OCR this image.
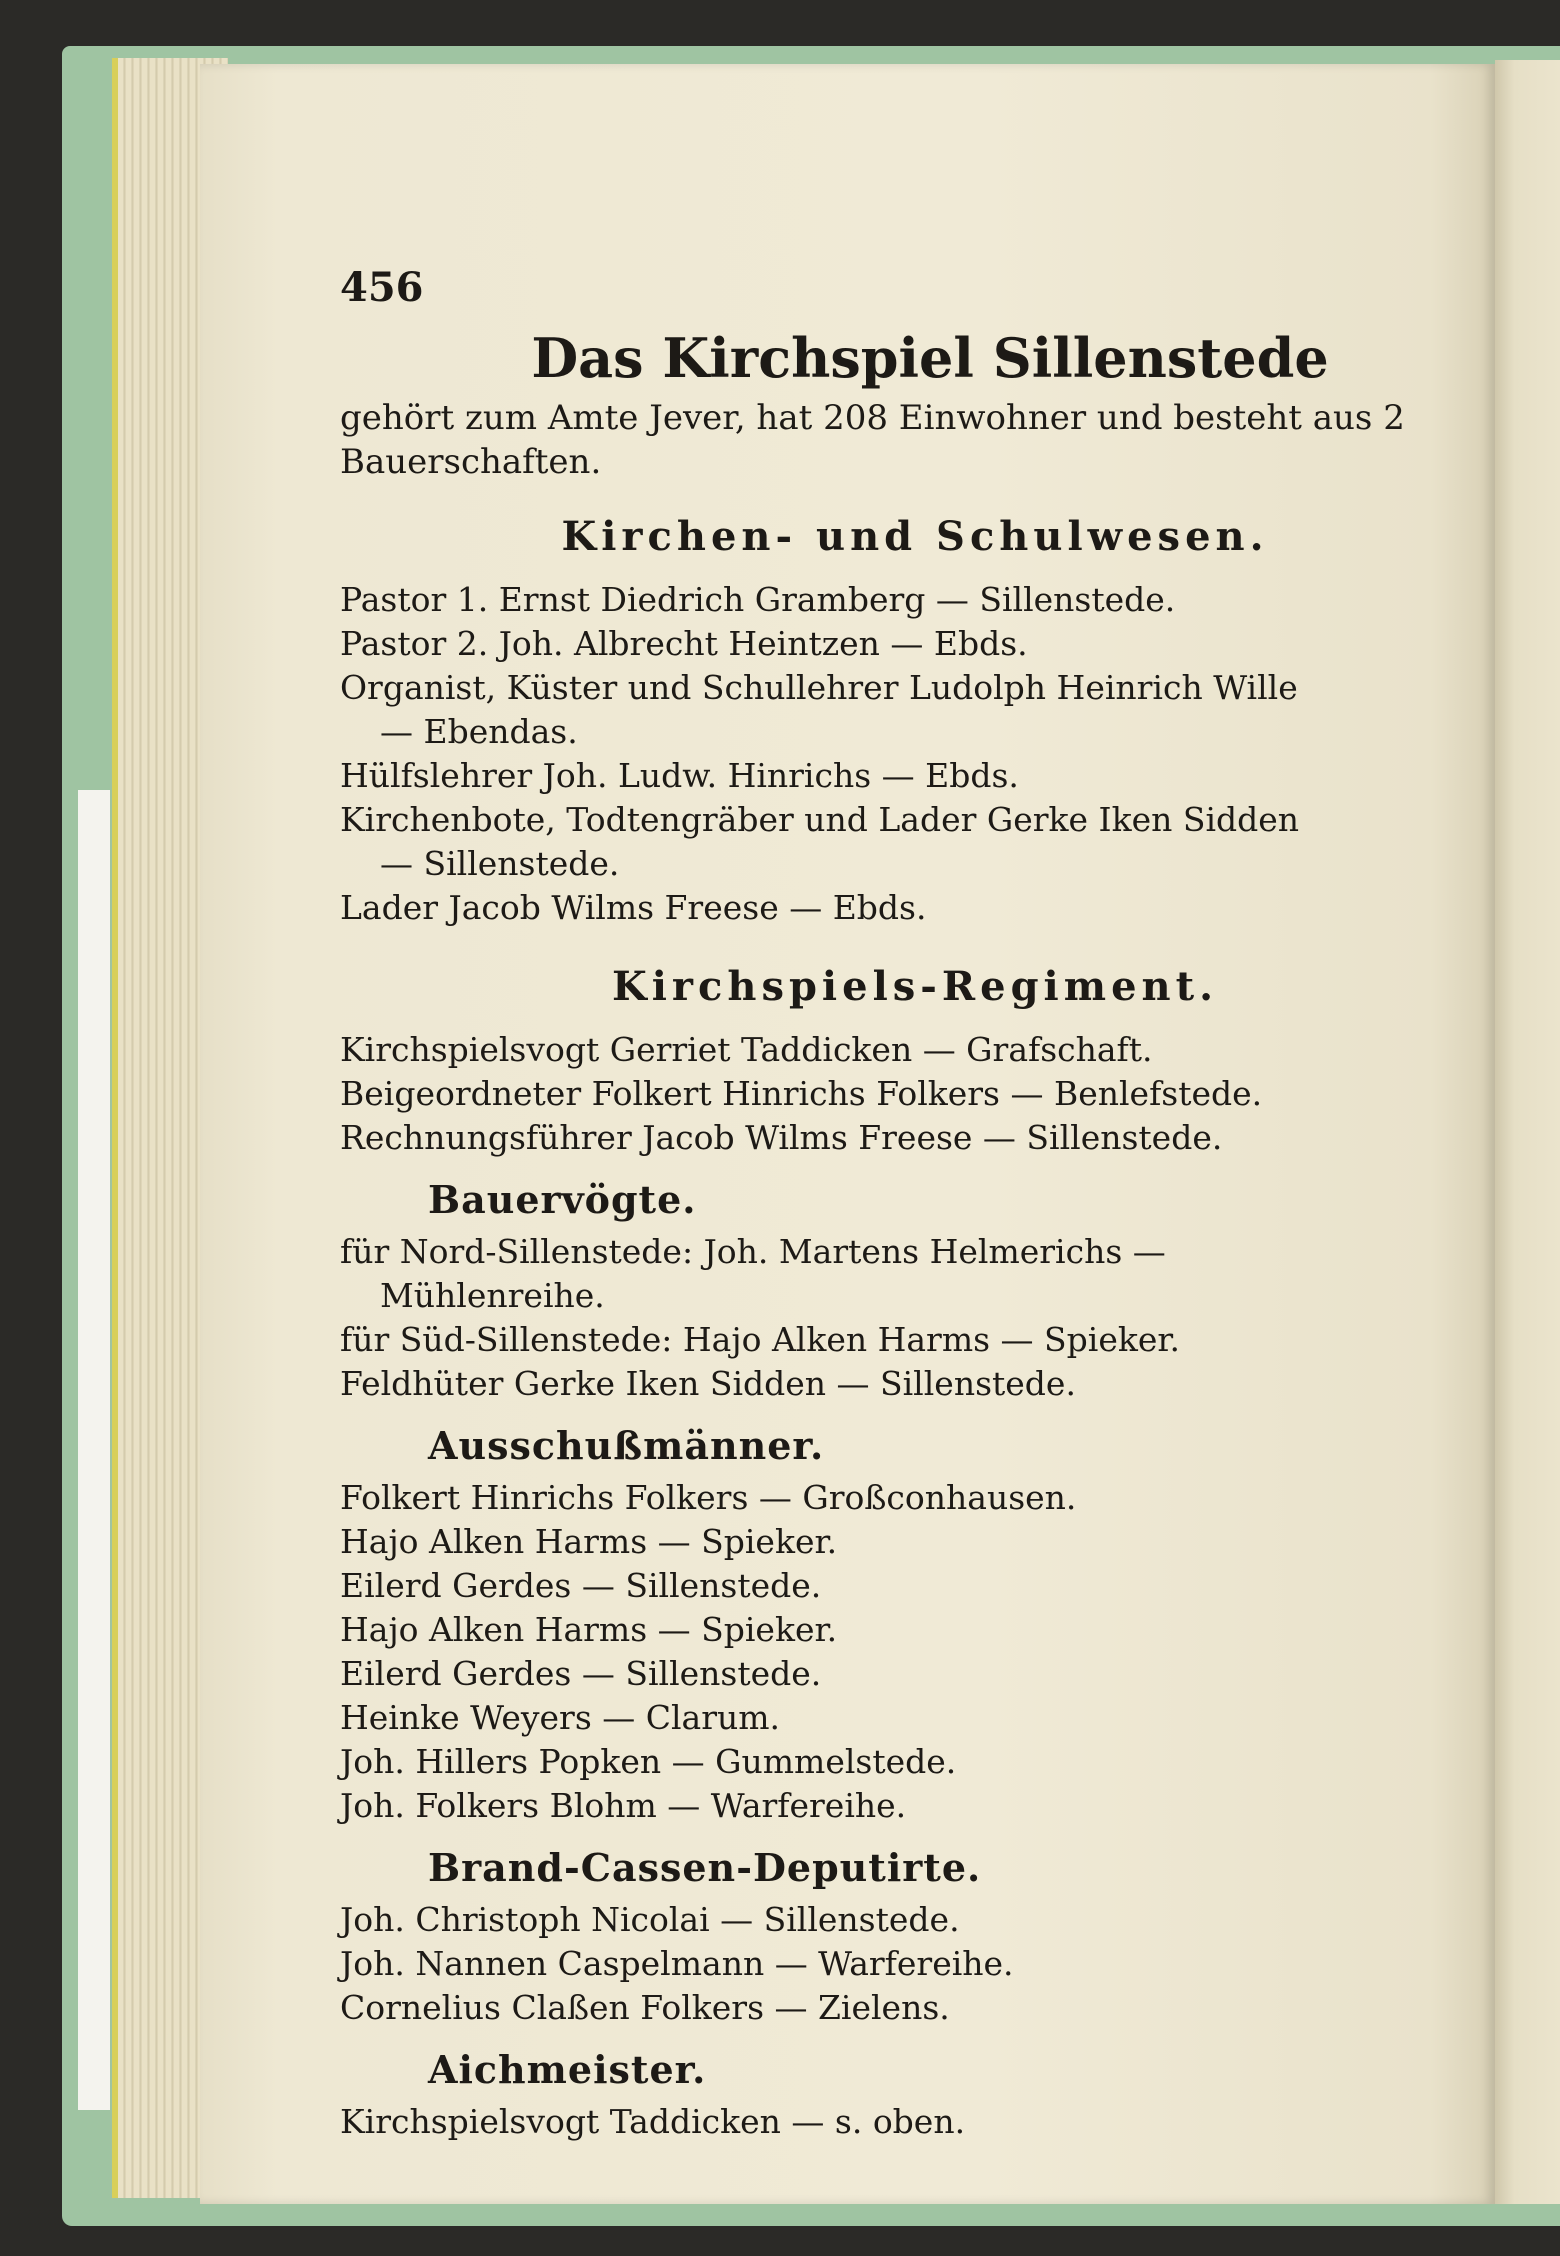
456

Das Kirchspiel Sillenstede

gehört zum Amte Jever, hat 208 Einwohner und besteht aus 2 Bauerschaften.

Kirchen- und Schulwesen.

Pastor 1. Ernst Diedrich Gramberg — Sillenstede.

Pastor 2. Joh. Albrecht Heintzen — Ebds.

Organist, Küster und Schullehrer Ludolph Heinrich Wille

— Ebendas.

Hülfslehrer Joh. Ludw. Hinrichs — Ebds.

Kirchenbote, Todtengräber und Lader Gerke Iken Sidden

— Sillenstede.

Lader Jacob Wilms Freese — Ebds.

Kirchspiels-Regiment.

Kirchspielsvogt Gerriet Taddicken — Grafschaft.

Beigeordneter Folkert Hinrichs Folkers — Benlefstede.

Rechnungsführer Jacob Wilms Freese — Sillenstede.

Bauervögte.

für Nord-Sillenstede: Joh. Martens Helmerichs —

Mühlenreihe.

für Süd-Sillenstede: Hajo Alken Harms — Spieker.

Feldhüter Gerke Iken Sidden — Sillenstede.

Ausschußmänner.

Folkert Hinrichs Folkers — Großconhausen.

Hajo Alken Harms — Spieker.

Eilerd Gerdes — Sillenstede.

Hajo Alken Harms — Spieker.

Eilerd Gerdes — Sillenstede.

Heinke Weyers — Clarum.

Joh. Hillers Popken — Gummelstede.

Joh. Folkers Blohm — Warfereihe.

Brand-Cassen-Deputirte.

Joh. Christoph Nicolai — Sillenstede.

Joh. Nannen Caspelmann — Warfereihe.

Cornelius Claßen Folkers — Zielens.

Aichmeister.

Kirchspielsvogt Taddicken — s. oben.
